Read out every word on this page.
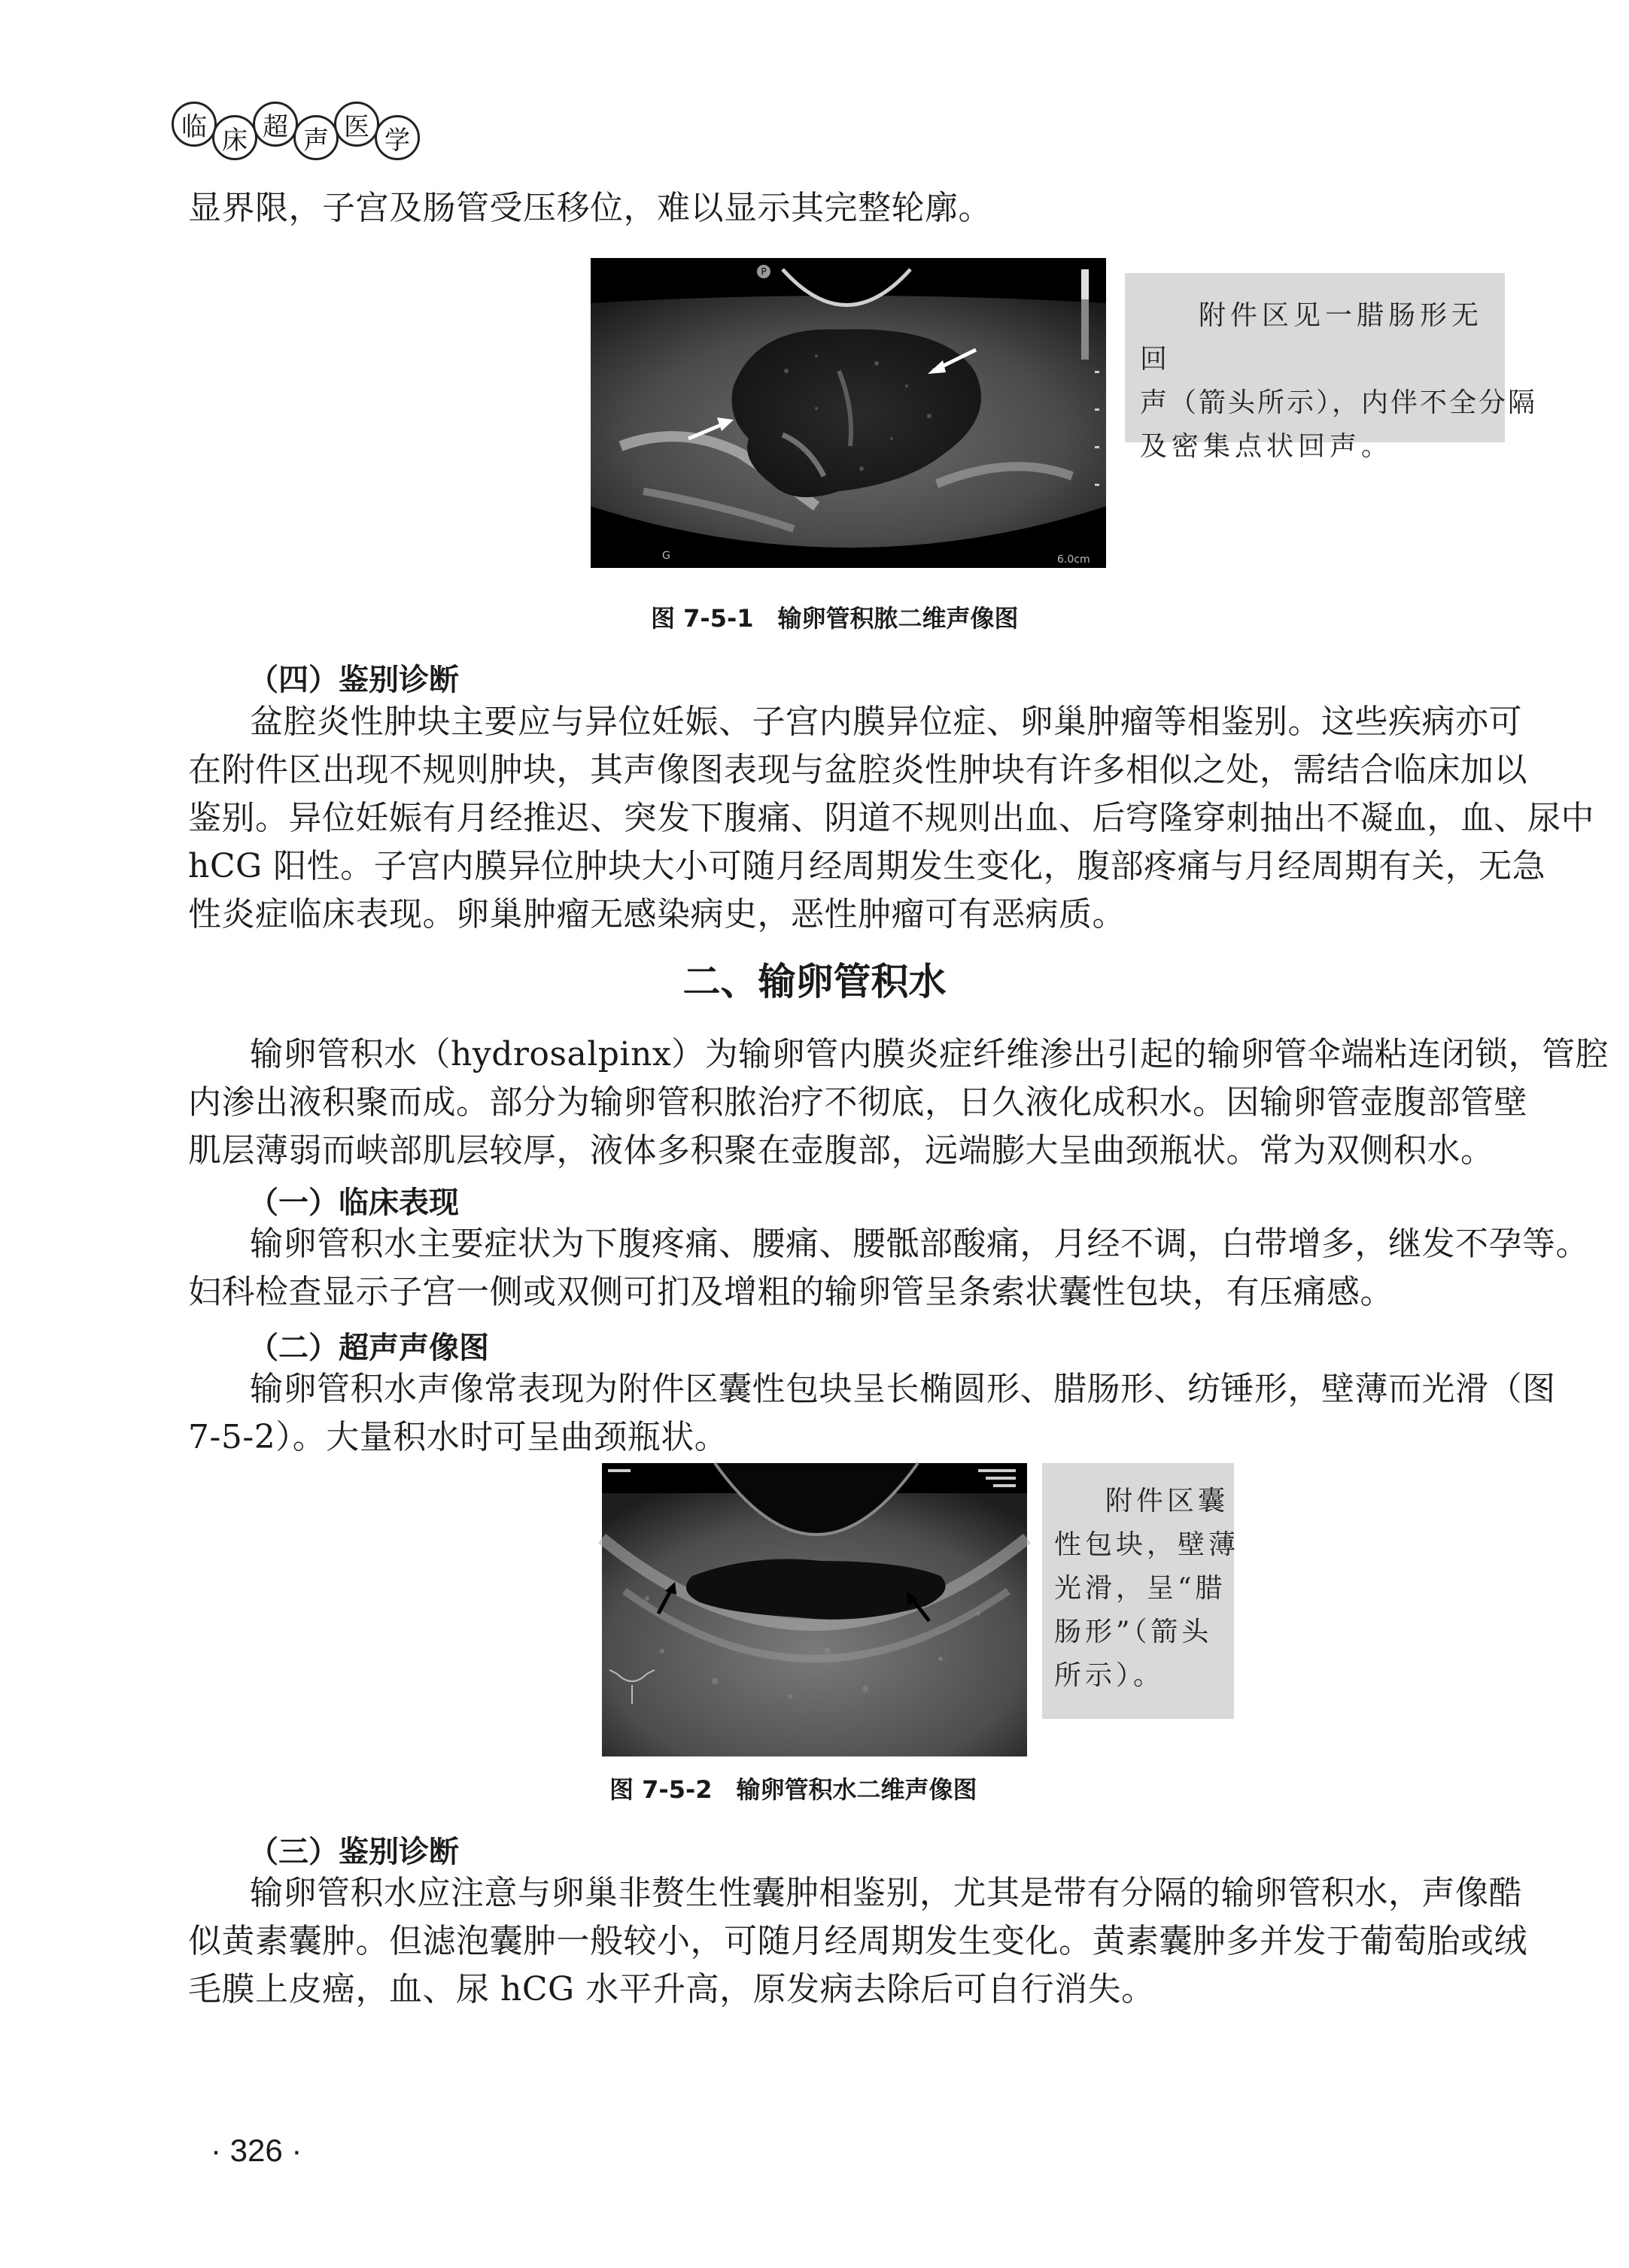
临 床 超 声 医 学
显界限，子宫及肠管受压移位，难以显示其完整轮廓。
P
G	6.0cm
附件区见一腊肠形无回
声（箭头所示），内伴不全分隔
及密集点状回声。
图 7-5-1　输卵管积脓二维声像图
（四）鉴别诊断
盆腔炎性肿块主要应与异位妊娠、子宫内膜异位症、卵巢肿瘤等相鉴别。这些疾病亦可
在附件区出现不规则肿块，其声像图表现与盆腔炎性肿块有许多相似之处，需结合临床加以
鉴别。异位妊娠有月经推迟、突发下腹痛、阴道不规则出血、后穹隆穿刺抽出不凝血，血、尿中
hCG 阳性。子宫内膜异位肿块大小可随月经周期发生变化，腹部疼痛与月经周期有关，无急
性炎症临床表现。卵巢肿瘤无感染病史，恶性肿瘤可有恶病质。
二、输卵管积水
输卵管积水（hydrosalpinx）为输卵管内膜炎症纤维渗出引起的输卵管伞端粘连闭锁，管腔
内渗出液积聚而成。部分为输卵管积脓治疗不彻底，日久液化成积水。因输卵管壶腹部管壁
肌层薄弱而峡部肌层较厚，液体多积聚在壶腹部，远端膨大呈曲颈瓶状。常为双侧积水。
（一）临床表现
输卵管积水主要症状为下腹疼痛、腰痛、腰骶部酸痛，月经不调，白带增多，继发不孕等。
妇科检查显示子宫一侧或双侧可扪及增粗的输卵管呈条索状囊性包块，有压痛感。
（二）超声声像图
输卵管积水声像常表现为附件区囊性包块呈长椭圆形、腊肠形、纺锤形，壁薄而光滑（图
7-5-2）。大量积水时可呈曲颈瓶状。
附件区囊
性包块，壁薄
光滑，呈“腊
肠形”（箭头
所示）。
图 7-5-2　输卵管积水二维声像图
（三）鉴别诊断
输卵管积水应注意与卵巢非赘生性囊肿相鉴别，尤其是带有分隔的输卵管积水，声像酷
似黄素囊肿。但滤泡囊肿一般较小，可随月经周期发生变化。黄素囊肿多并发于葡萄胎或绒
毛膜上皮癌，血、尿 hCG 水平升高，原发病去除后可自行消失。
· 326 ·
